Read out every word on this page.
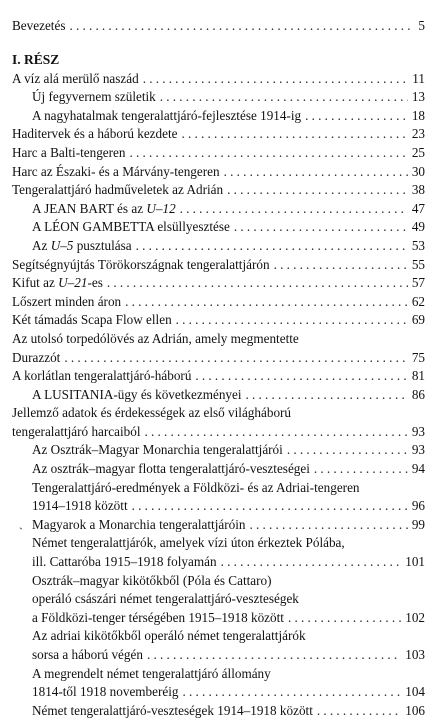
Bevezetés .....	5
I. RÉSZ
A víz alá merülő naszád .....	11
Új fegyvernem születik .....	13
A nagyhatalmak tengeralattjáró-fejlesztése 1914-ig .....	18
Haditervek és a háború kezdete .....	23
Harc a Balti-tengeren .....	25
Harc az Északi- és a Márvány-tengeren .....	30
Tengeralattjáró hadműveletek az Adrián .....	38
A JEAN BART és az U–12 .....	47
A LÉON GAMBETTA elsüllyesztése .....	49
Az U–5 pusztulása .....	53
Segítségnyújtás Törökországnak tengeralattjárón .....	55
Kifut az U–21-es .....	57
Lőszert minden áron .....	62
Két támadás Scapa Flow ellen .....	69
Az utolsó torpedólövés az Adrián, amely megmentette
Durazzót .....	75
A korlátlan tengeralattjáró-háború .....	81
A LUSITANIA-ügy és következményei .....	86
Jellemző adatok és érdekességek az első világháború
tengeralattjáró harcaiból .....	93
Az Osztrák–Magyar Monarchia tengeralattjárói .....	93
Az osztrák–magyar flotta tengeralattjáró-veszteségei .....	94
Tengeralattjáró-eredmények a Földközi- és az Adriai-tengeren
1914–1918 között .....	96
ˏ Magyarok a Monarchia tengeralattjáróin .....	99
Német tengeralattjárók, amelyek vízi úton érkeztek Pólába,
ill. Cattaróba 1915–1918 folyamán .....	101
Osztrák–magyar kikötőkből (Póla és Cattaro)
operáló császári német tengeralattjáró-veszteségek
a Földközi-tenger térségében 1915–1918 között .....	102
Az adriai kikötőkből operáló német tengeralattjárók
sorsa a háború végén .....	103
A megrendelt német tengeralattjáró állomány
1814-től 1918 novemberéig .....	104
Német tengeralattjáró-veszteségek 1914–1918 között .....	106
